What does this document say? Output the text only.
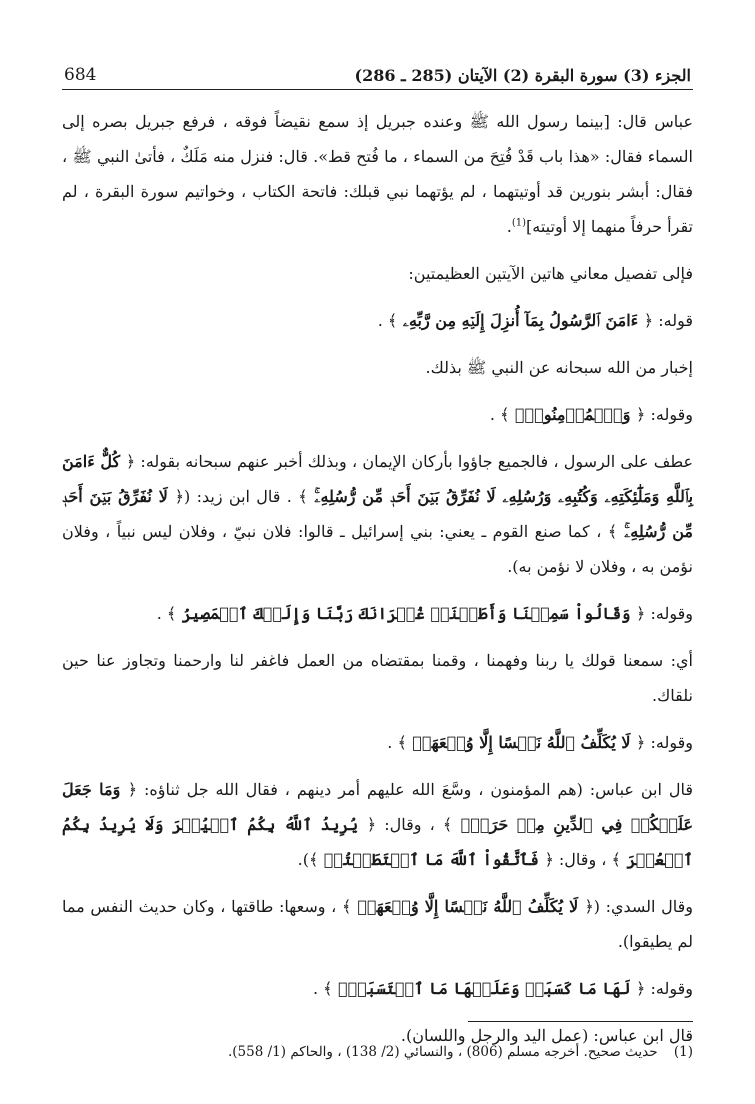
684	الجزء (3) سورة البقرة (2) الآيتان (285 ـ 286)

عباس قال: [بينما رسول الله ﷺ وعنده جبريل إذ سمع نقيضاً فوقه ، فرفع جبريل بصره إلى السماء فقال: «هذا باب قَدْ فُتِحَ من السماء ، ما فُتح قط». قال: فنزل منه مَلَكٌ ، فأتىٰ النبي ﷺ ، فقال: أبشر بنورين قد أوتيتهما ، لم يؤتهما نبي قبلك: فاتحة الكتاب ، وخواتيم سورة البقرة ، لم تقرأ حرفاً منهما إلا أوتيته]$^{(1)}$.

فإلى تفصيل معاني هاتين الآيتين العظيمتين:

قوله: ﴿ ءَامَنَ ٱلرَّسُولُ بِمَآ أُنزِلَ إِلَيۡهِ مِن رَّبِّهِۦ ﴾ .

إخبار من الله سبحانه عن النبي ﷺ بذلك.

وقوله: ﴿ وَٱلۡمُؤۡمِنُونَۚ ﴾ .

عطف على الرسول ، فالجميع جاؤوا بأركان الإيمان ، وبذلك أخبر عنهم سبحانه بقوله: ﴿ كُلٌّ ءَامَنَ بِٱللَّهِ وَمَلَٰٓئِكَتِهِۦ وَكُتُبِهِۦ وَرُسُلِهِۦ لَا نُفَرِّقُ بَيۡنَ أَحَدٖ مِّن رُّسُلِهِۦۚ ﴾ . قال ابن زيد: (﴿ لَا نُفَرِّقُ بَيۡنَ أَحَدٖ مِّن رُّسُلِهِۦۚ ﴾ ، كما صنع القوم ـ يعني: بني إسرائيل ـ قالوا: فلان نبيّ ، وفلان ليس نبياً ، وفلان نؤمن به ، وفلان لا نؤمن به).

وقوله: ﴿ وَقَالُواْ سَمِعۡنَا وَأَطَعۡنَاۖ غُفۡرَانَكَ رَبَّنَا وَإِلَيۡكَ ٱلۡمَصِيرُ ﴾ .

أي: سمعنا قولك يا ربنا وفهمنا ، وقمنا بمقتضاه من العمل فاغفر لنا وارحمنا وتجاوز عنا حين نلقاك.

وقوله: ﴿ لَا يُكَلِّفُ ٱللَّهُ نَفۡسًا إِلَّا وُسۡعَهَاۚ ﴾ .

قال ابن عباس: (هم المؤمنون ، وسَّعَ الله عليهم أمر دينهم ، فقال الله جل ثناؤه: ﴿ وَمَا جَعَلَ عَلَيۡكُمۡ فِي ٱلدِّينِ مِنۡ حَرَجٖۚ ﴾ ، وقال: ﴿ يُرِيدُ ٱللَّهُ بِكُمُ ٱلۡيُسۡرَ وَلَا يُرِيدُ بِكُمُ ٱلۡعُسۡرَ ﴾ ، وقال: ﴿ فَٱتَّقُواْ ٱللَّهَ مَا ٱسۡتَطَعۡتُمۡ ﴾).

وقال السدي: (﴿ لَا يُكَلِّفُ ٱللَّهُ نَفۡسًا إِلَّا وُسۡعَهَاۚ ﴾ ، وسعها: طاقتها ، وكان حديث النفس مما لم يطيقوا).

وقوله: ﴿ لَهَا مَا كَسَبَتۡ وَعَلَيۡهَا مَا ٱكۡتَسَبَتۡۗ ﴾ .

قال ابن عباس: (عمل اليد والرجل واللسان).

(1) حديث صحيح. أخرجه مسلم (806) ، والنسائي (2/ 138) ، والحاكم (1/ 558).
